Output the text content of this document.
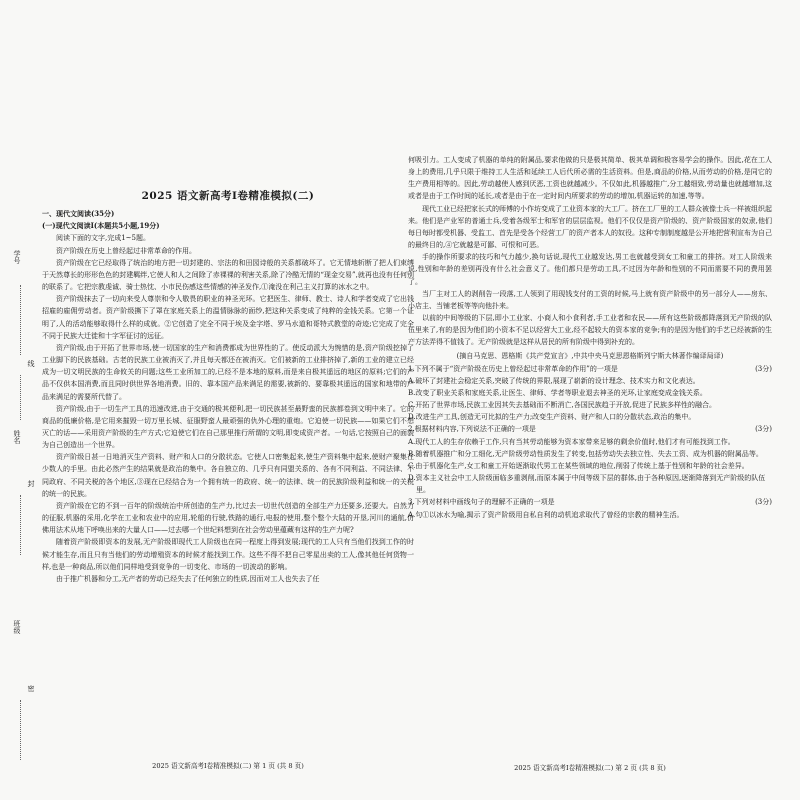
学号
线
姓名
封
班级
密
2025 语文新高考Ⅰ卷精准模拟(二)
一、现代文阅读(35分)
(一)现代文阅读Ⅰ(本题共5小题,19分)

阅读下面的文字,完成1~5题。

资产阶级在历史上曾经起过非常革命的作用。

资产阶级在它已经取得了统治的地方把一切封建的、宗法的和田园诗般的关系都破坏了。它无情地斩断了把人们束缚于天然尊长的形形色色的封建羁绊,它使人和人之间除了赤裸裸的利害关系,除了冷酷无情的“现金交易”,就再也没有任何别的联系了。它把宗教虔诚、骑士热忱、小市民伤感这些情感的神圣发作,①淹没在利己主义打算的冰水之中。

资产阶级抹去了一切向来受人尊崇和令人敬畏的职业的神圣光环。它把医生、律师、教士、诗人和学者变成了它出钱招雇的雇佣劳动者。资产阶级撕下了罩在家庭关系上的温情脉脉的面纱,把这种关系变成了纯粹的金钱关系。它第一个证明了,人的活动能够取得什么样的成就。②它创造了完全不同于埃及金字塔、罗马水道和哥特式教堂的奇迹;它完成了完全不同于民族大迁徙和十字军征讨的远征。

资产阶级,由于开拓了世界市场,使一切国家的生产和消费都成为世界性的了。使反动派大为惋惜的是,资产阶级挖掉了工业脚下的民族基础。古老的民族工业被消灭了,并且每天都还在被消灭。它们被新的工业排挤掉了,新的工业的建立已经成为一切文明民族的生命攸关的问题;这些工业所加工的,已经不是本地的原料,而是来自极其遥远的地区的原料;它们的产品不仅供本国消费,而且同时供世界各地消费。旧的、靠本国产品来满足的需要,被新的、要靠极其遥远的国家和地带的产品来满足的需要所代替了。

资产阶级,由于一切生产工具的迅速改进,由于交通的极其便利,把一切民族甚至最野蛮的民族都卷到文明中来了。它的商品的低廉价格,是它用来摧毁一切万里长城、征服野蛮人最顽强的仇外心理的重炮。它迫使一切民族——如果它们不想灭亡的话——采用资产阶级的生产方式;它迫使它们在自己那里推行所谓的文明,即变成资产者。一句话,它按照自己的面貌为自己创造出一个世界。

资产阶级日甚一日地消灭生产资料、财产和人口的分散状态。它使人口密集起来,使生产资料集中起来,使财产聚集在少数人的手里。由此必然产生的结果就是政治的集中。各自独立的、几乎只有同盟关系的、各有不同利益、不同法律、不同政府、不同关税的各个地区,③现在已经结合为一个拥有统一的政府、统一的法律、统一的民族阶级利益和统一的关税的统一的民族。

资产阶级在它的不到一百年的阶级统治中所创造的生产力,比过去一切世代创造的全部生产力还要多,还要大。自然力的征服,机器的采用,化学在工业和农业中的应用,轮船的行驶,铁路的通行,电报的使用,整个整个大陆的开垦,河川的通航,仿佛用法术从地下呼唤出来的大量人口——过去哪一个世纪料想到在社会劳动里蕴藏有这样的生产力呢?

随着资产阶级即资本的发展,无产阶级即现代工人阶级也在同一程度上得到发展;现代的工人只有当他们找到工作的时候才能生存,而且只有当他们的劳动增殖资本的时候才能找到工作。这些不得不把自己零星出卖的工人,像其他任何货物一样,也是一种商品,所以他们同样地受到竞争的一切变化、市场的一切波动的影响。

由于推广机器和分工,无产者的劳动已经失去了任何独立的性质,因而对工人也失去了任

2025 语文新高考Ⅰ卷精准模拟(二) 第 1 页 (共 8 页)

何吸引力。工人变成了机器的单纯的附属品,要求他做的只是极其简单、极其单调和极容易学会的操作。因此,花在工人身上的费用,几乎只限于维持工人生活和延续工人后代所必需的生活资料。但是,商品的价格,从而劳动的价格,是同它的生产费用相等的。因此,劳动越使人感到厌恶,工资也就越减少。不仅如此,机器越推广,分工越细致,劳动量也就越增加,这或者是由于工作时间的延长,或者是由于在一定时间内所要求的劳动的增加,机器运转的加速,等等。

现代工业已经把家长式的师傅的小作坊变成了工业资本家的大工厂。挤在工厂里的工人群众被像士兵一样被组织起来。他们是产业军的普通士兵,受着各级军士和军官的层层监视。他们不仅仅是资产阶级的、资产阶级国家的奴隶,他们每日每时都受机器、受监工、首先是受各个经营工厂的资产者本人的奴役。这种专制制度越是公开地把营利宣布为自己的最终目的,④它就越是可鄙、可恨和可恶。

手的操作所要求的技巧和气力越少,换句话说,现代工业越发达,男工也就越受到女工和童工的排挤。对工人阶级来说,性别和年龄的差别再没有什么社会意义了。他们都只是劳动工具,不过因为年龄和性别的不同而需要不同的费用罢了。

当厂主对工人的剥削告一段落,工人领到了用现钱支付的工资的时候,马上就有资产阶级中的另一部分人——房东、小店主、当铺老板等等向他扑来。

以前的中间等级的下层,即小工业家、小商人和小食利者,手工业者和农民——所有这些阶级都降落到无产阶级的队伍里来了,有的是因为他们的小资本不足以经营大工业,经不起较大的资本家的竞争;有的是因为他们的手艺已经被新的生产方法弄得不值钱了。无产阶级就是这样从居民的所有阶级中得到补充的。

(摘自马克思、恩格斯《共产党宣言》,中共中央马克思恩格斯列宁斯大林著作编译局译)
1.下列不属于“资产阶级在历史上曾经起过非常革命的作用”的一项是	(3分)
A.破坏了封建社会稳定关系,突破了传统的界限,展现了崭新的设计理念、技术实力和文化表达。
B.改变了职业关系和家庭关系,让医生、律师、学者等职业退去神圣的光环,让家庭变成金钱关系。
C.开拓了世界市场,民族工业因其失去基础而不断消亡,各国民族趋于开放,促进了民族多样性的融合。
D.改进生产工具,创造无可比拟的生产力;改变生产资料、财产和人口的分散状态,政治的集中。
2.根据材料内容,下列说法不正确的一项是	(3分)
A.现代工人的生存依赖于工作,只有当其劳动能够为资本家带来足够的剩余价值时,他们才有可能找到工作。
B.随着机器推广和分工细化,无产阶级劳动性质发生了转变,包括劳动失去独立性、失去工资、成为机器的附属品等。
C.由于机器化生产,女工和童工开始逐渐取代男工在某些领域的地位,削弱了传统上基于性别和年龄的社会差异。
D.资本主义社会中工人阶级面临多重剥削,而原本属于中间等级下层的群体,由于各种原因,逐渐降落到无产阶级的队伍里。
3.下列对材料中画线句子的理解不正确的一项是	(3分)
A.句①以冰水为喻,揭示了资产阶级用自私自利的动机追求取代了曾经的宗教的精神生活。
2025 语文新高考Ⅰ卷精准模拟(二) 第 2 页 (共 8 页)
